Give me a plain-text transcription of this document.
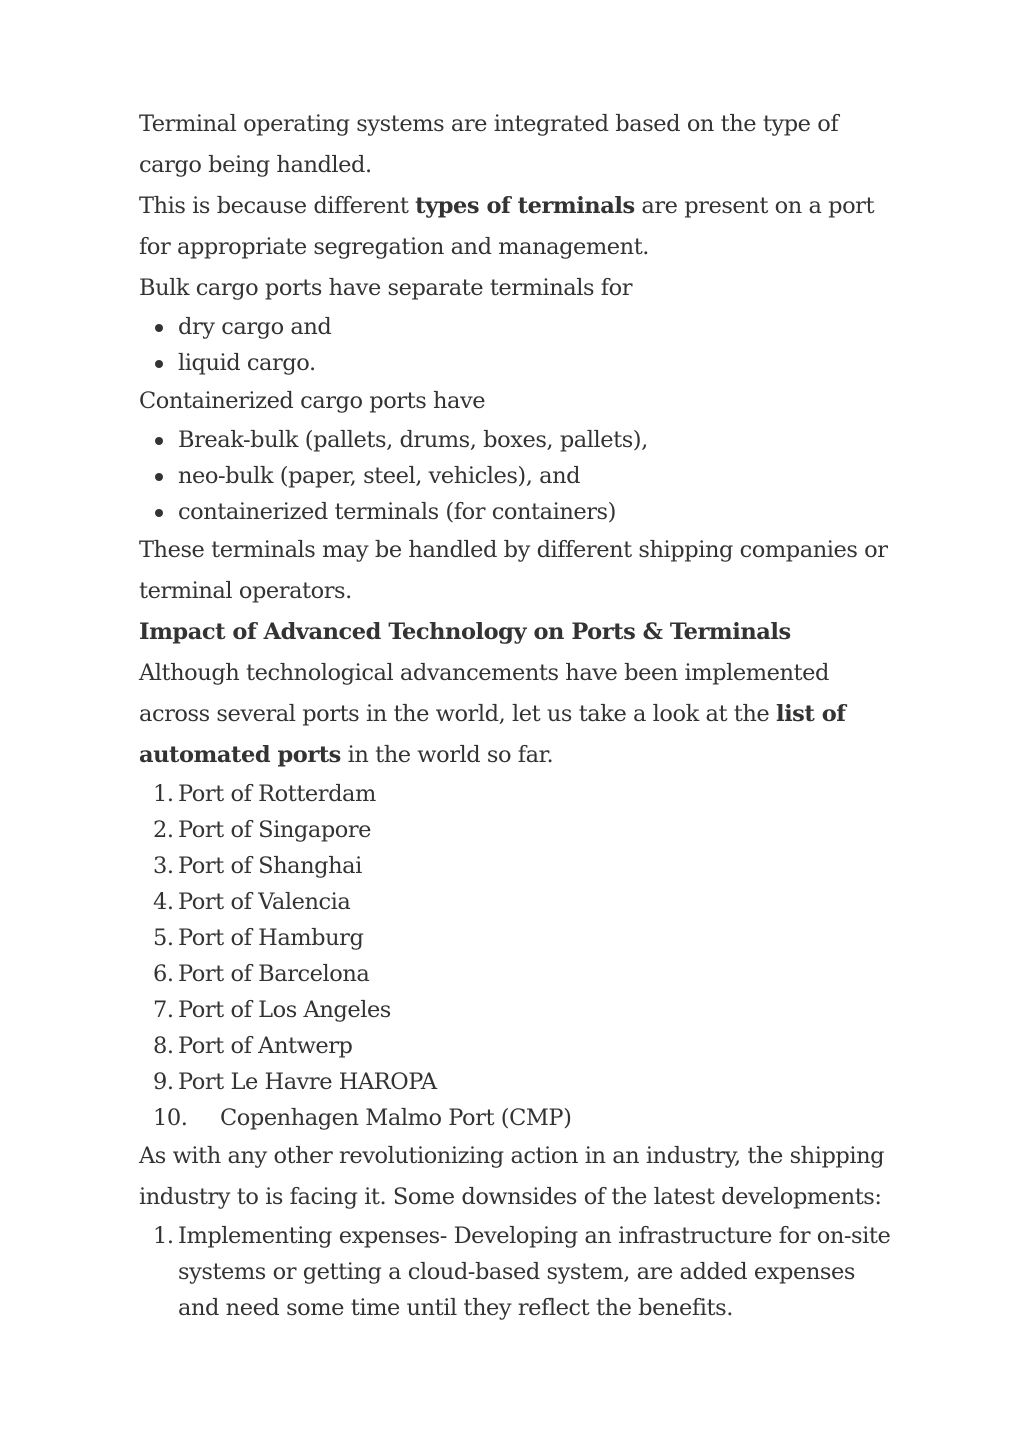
Terminal operating systems are integrated based on the type of cargo being handled.

This is because different types of terminals are present on a port for appropriate segregation and management.

Bulk cargo ports have separate terminals for

dry cargo and
liquid cargo.

Containerized cargo ports have

Break-bulk (pallets, drums, boxes, pallets),
neo-bulk (paper, steel, vehicles), and
containerized terminals (for containers)

These terminals may be handled by different shipping companies or terminal operators.

Impact of Advanced Technology on Ports & Terminals

Although technological advancements have been implemented across several ports in the world, let us take a look at the list of automated ports in the world so far.

1. Port of Rotterdam
2. Port of Singapore
3. Port of Shanghai
4. Port of Valencia
5. Port of Hamburg
6. Port of Barcelona
7. Port of Los Angeles
8. Port of Antwerp
9. Port Le Havre HAROPA
10. Copenhagen Malmo Port (CMP)

As with any other revolutionizing action in an industry, the shipping industry to is facing it. Some downsides of the latest developments:

1. Implementing expenses- Developing an infrastructure for on-site systems or getting a cloud-based system, are added expenses and need some time until they reflect the benefits.
